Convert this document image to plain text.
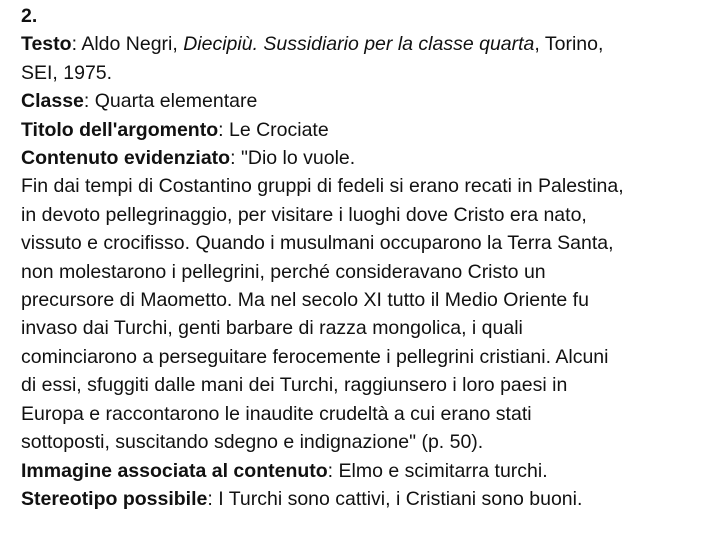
2.
Testo: Aldo Negri, Diecipiù. Sussidiario per la classe quarta, Torino,
SEI, 1975.
Classe: Quarta elementare
Titolo dell'argomento: Le Crociate
Contenuto evidenziato: "Dio lo vuole.
Fin dai tempi di Costantino gruppi di fedeli si erano recati in Palestina,
in devoto pellegrinaggio, per visitare i luoghi dove Cristo era nato,
vissuto e crocifisso. Quando i musulmani occuparono la Terra Santa,
non molestarono i pellegrini, perché consideravano Cristo un
precursore di Maometto. Ma nel secolo XI tutto il Medio Oriente fu
invaso dai Turchi, genti barbare di razza mongolica, i quali
cominciarono a perseguitare ferocemente i pellegrini cristiani. Alcuni
di essi, sfuggiti dalle mani dei Turchi, raggiunsero i loro paesi in
Europa e raccontarono le inaudite crudeltà a cui erano stati
sottoposti, suscitando sdegno e indignazione" (p. 50).
Immagine associata al contenuto: Elmo e scimitarra turchi.
Stereotipo possibile: I Turchi sono cattivi, i Cristiani sono buoni.
